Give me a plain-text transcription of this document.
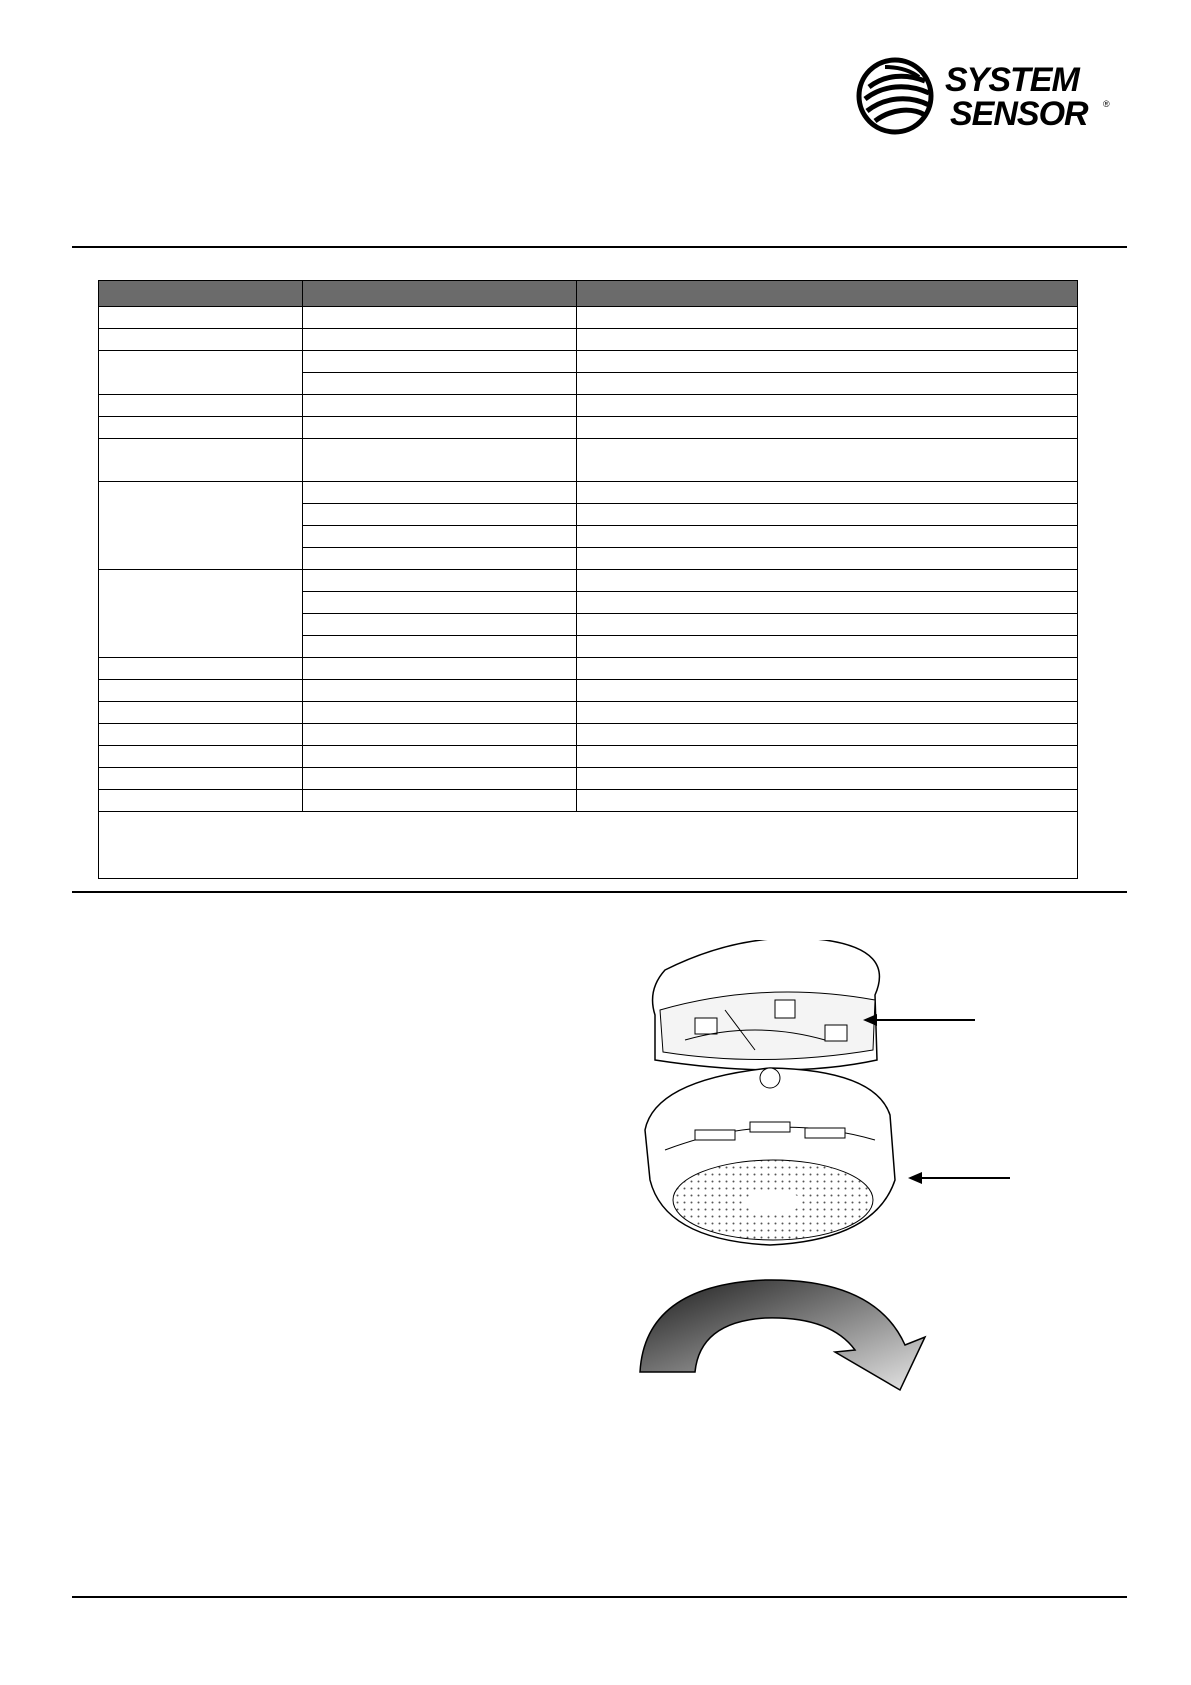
SYSTEM
SENSOR ®
